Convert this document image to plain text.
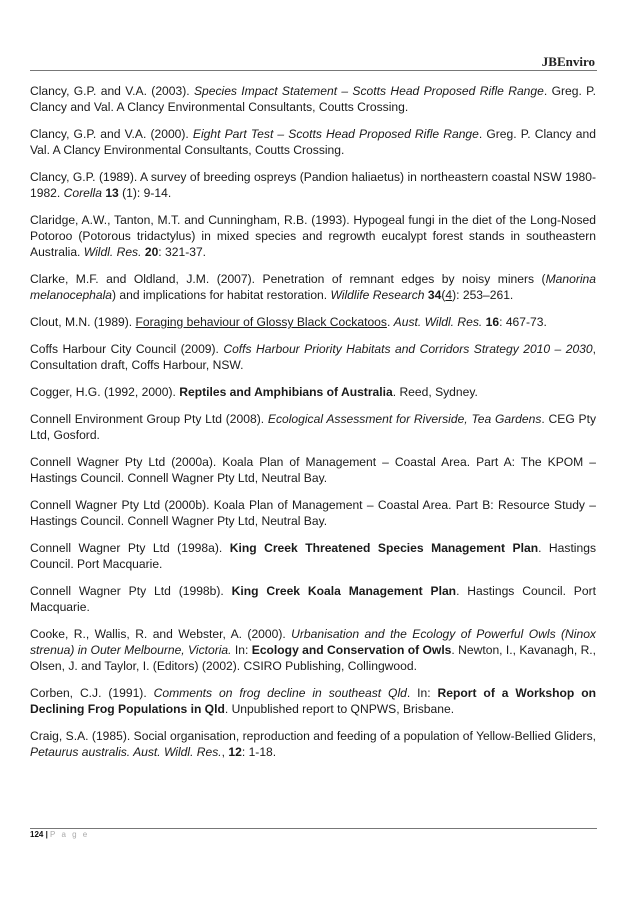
JBEnviro

Clancy, G.P. and V.A. (2003). Species Impact Statement – Scotts Head Proposed Rifle Range. Greg. P. Clancy and Val. A Clancy Environmental Consultants, Coutts Crossing.

Clancy, G.P. and V.A. (2000). Eight Part Test – Scotts Head Proposed Rifle Range. Greg. P. Clancy and Val. A Clancy Environmental Consultants, Coutts Crossing.

Clancy, G.P. (1989). A survey of breeding ospreys (Pandion haliaetus) in northeastern coastal NSW 1980-1982. Corella 13 (1): 9-14.

Claridge, A.W., Tanton, M.T. and Cunningham, R.B. (1993). Hypogeal fungi in the diet of the Long-Nosed Potoroo (Potorous tridactylus) in mixed species and regrowth eucalypt forest stands in southeastern Australia. Wildl. Res. 20: 321-37.

Clarke, M.F. and Oldland, J.M. (2007). Penetration of remnant edges by noisy miners (Manorina melanocephala) and implications for habitat restoration. Wildlife Research 34(4): 253–261.

Clout, M.N. (1989). Foraging behaviour of Glossy Black Cockatoos. Aust. Wildl. Res. 16: 467-73.

Coffs Harbour City Council (2009). Coffs Harbour Priority Habitats and Corridors Strategy 2010 – 2030, Consultation draft, Coffs Harbour, NSW.

Cogger, H.G. (1992, 2000). Reptiles and Amphibians of Australia. Reed, Sydney.

Connell Environment Group Pty Ltd (2008). Ecological Assessment for Riverside, Tea Gardens. CEG Pty Ltd, Gosford.

Connell Wagner Pty Ltd (2000a). Koala Plan of Management – Coastal Area. Part A: The KPOM – Hastings Council. Connell Wagner Pty Ltd, Neutral Bay.

Connell Wagner Pty Ltd (2000b). Koala Plan of Management – Coastal Area. Part B: Resource Study – Hastings Council. Connell Wagner Pty Ltd, Neutral Bay.

Connell Wagner Pty Ltd (1998a). King Creek Threatened Species Management Plan. Hastings Council. Port Macquarie.

Connell Wagner Pty Ltd (1998b). King Creek Koala Management Plan. Hastings Council. Port Macquarie.

Cooke, R., Wallis, R. and Webster, A. (2000). Urbanisation and the Ecology of Powerful Owls (Ninox strenua) in Outer Melbourne, Victoria. In: Ecology and Conservation of Owls. Newton, I., Kavanagh, R., Olsen, J. and Taylor, I. (Editors) (2002). CSIRO Publishing, Collingwood.

Corben, C.J. (1991). Comments on frog decline in southeast Qld. In: Report of a Workshop on Declining Frog Populations in Qld. Unpublished report to QNPWS, Brisbane.

Craig, S.A. (1985). Social organisation, reproduction and feeding of a population of Yellow-Bellied Gliders, Petaurus australis. Aust. Wildl. Res., 12: 1-18.

124 | P a g e
